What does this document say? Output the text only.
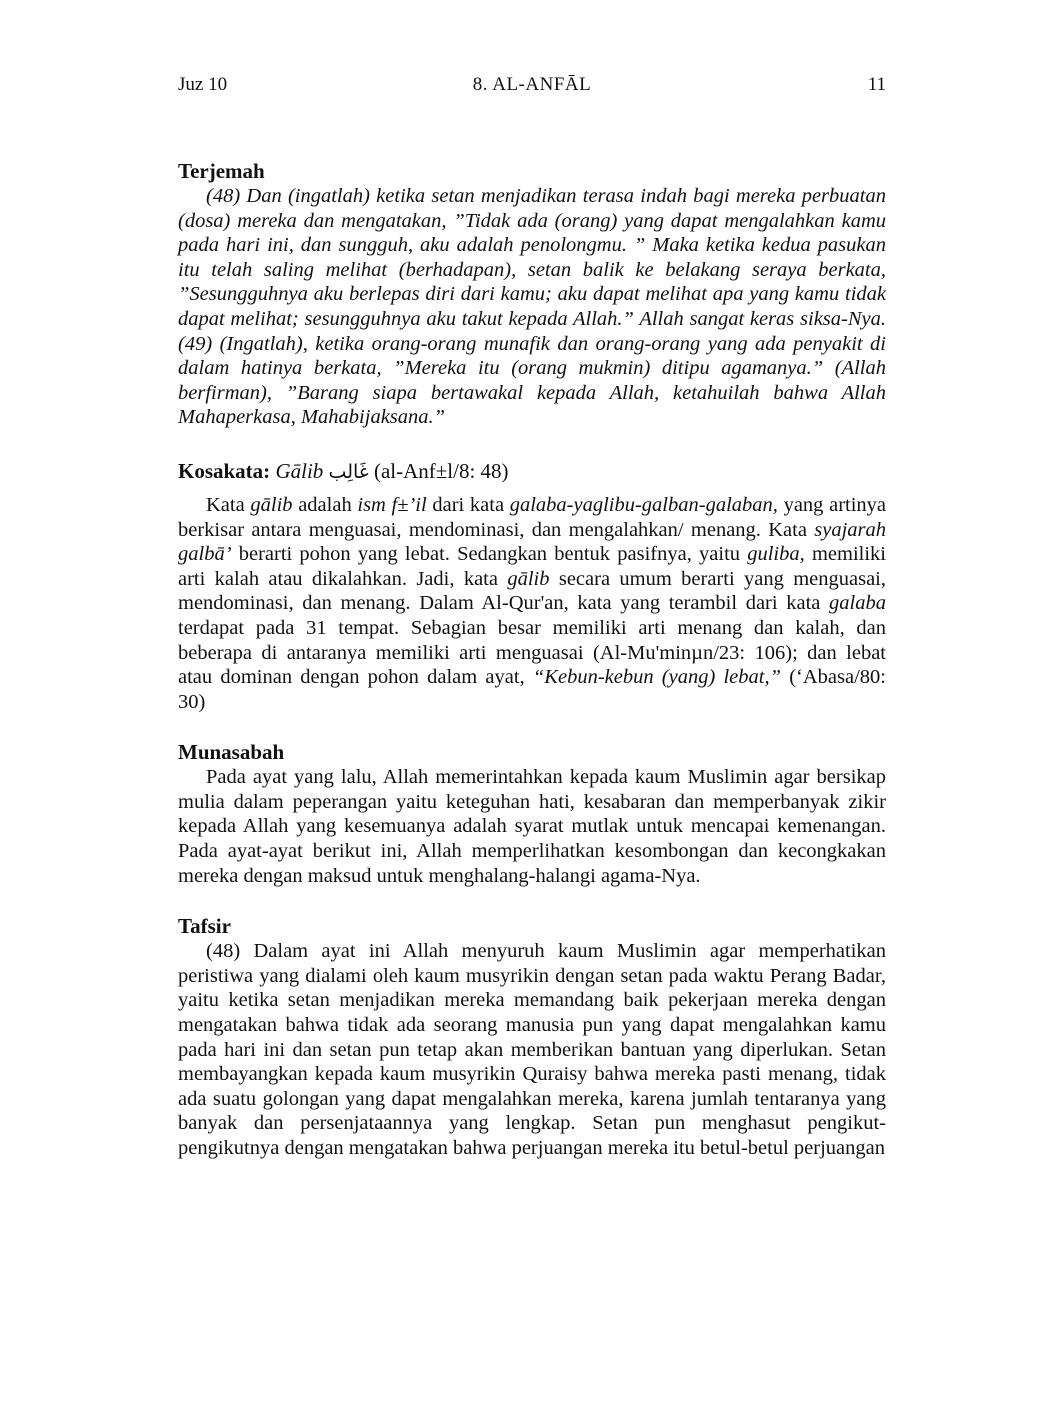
8. AL-ANFĀL
Juz 10	11
Terjemah

(48) Dan (ingatlah) ketika setan menjadikan terasa indah bagi mereka perbuatan (dosa) mereka dan mengatakan, ”Tidak ada (orang) yang dapat mengalahkan kamu pada hari ini, dan sungguh, aku adalah penolongmu. ” Maka ketika kedua pasukan itu telah saling melihat (berhadapan), setan balik ke belakang seraya berkata, ”Sesungguhnya aku berlepas diri dari kamu; aku dapat melihat apa yang kamu tidak dapat melihat; sesungguhnya aku takut kepada Allah.” Allah sangat keras siksa-Nya. (49) (Ingatlah), ketika orang-orang munafik dan orang-orang yang ada penyakit di dalam hatinya berkata, ”Mereka itu (orang mukmin) ditipu agamanya.” (Allah berfirman), ”Barang siapa bertawakal kepada Allah, ketahuilah bahwa Allah Mahaperkasa, Mahabijaksana.”

Kosakata: Gālib غَالِب (al-Anf±l/8: 48)

Kata gālib adalah ism f±’il dari kata galaba-yaglibu-galban-galaban, yang artinya berkisar antara menguasai, mendominasi, dan mengalahkan/ menang. Kata syajarah galbā’ berarti pohon yang lebat. Sedangkan bentuk pasifnya, yaitu guliba, memiliki arti kalah atau dikalahkan. Jadi, kata gālib secara umum berarti yang menguasai, mendominasi, dan menang. Dalam Al-Qur'an, kata yang terambil dari kata galaba terdapat pada 31 tempat. Sebagian besar memiliki arti menang dan kalah, dan beberapa di antaranya memiliki arti menguasai (Al-Mu'minµn/23: 106); dan lebat atau dominan dengan pohon dalam ayat, “Kebun-kebun (yang) lebat,” (‘Abasa/80: 30)

Munasabah

Pada ayat yang lalu, Allah memerintahkan kepada kaum Muslimin agar bersikap mulia dalam peperangan yaitu keteguhan hati, kesabaran dan memperbanyak zikir kepada Allah yang kesemuanya adalah syarat mutlak untuk mencapai kemenangan. Pada ayat-ayat berikut ini, Allah memperlihatkan kesombongan dan kecongkakan mereka dengan maksud untuk menghalang-halangi agama-Nya.

Tafsir

(48) Dalam ayat ini Allah menyuruh kaum Muslimin agar memperhatikan peristiwa yang dialami oleh kaum musyrikin dengan setan pada waktu Perang Badar, yaitu ketika setan menjadikan mereka memandang baik pekerjaan mereka dengan mengatakan bahwa tidak ada seorang manusia pun yang dapat mengalahkan kamu pada hari ini dan setan pun tetap akan memberikan bantuan yang diperlukan. Setan membayangkan kepada kaum musyrikin Quraisy bahwa mereka pasti menang, tidak ada suatu golongan yang dapat mengalahkan mereka, karena jumlah tentaranya yang banyak dan persenjataannya yang lengkap. Setan pun menghasut pengikut-pengikutnya dengan mengatakan bahwa perjuangan mereka itu betul-betul perjuangan
